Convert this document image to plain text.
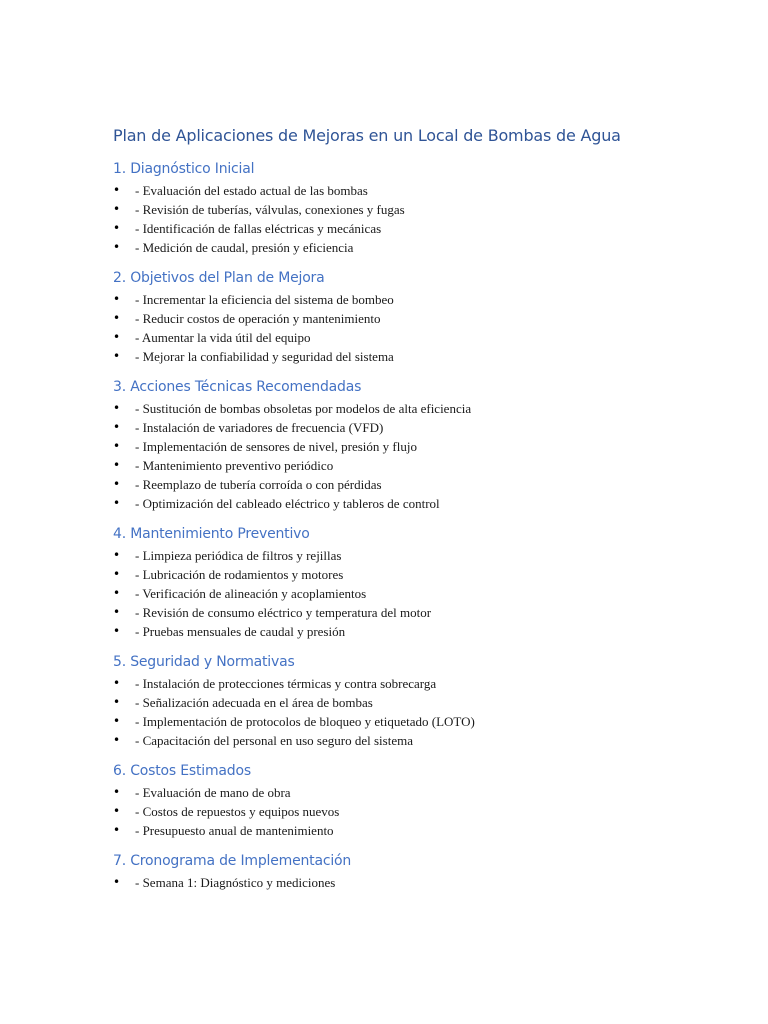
Plan de Aplicaciones de Mejoras en un Local de Bombas de Agua
1. Diagnóstico Inicial
• - Evaluación del estado actual de las bombas
• - Revisión de tuberías, válvulas, conexiones y fugas
• - Identificación de fallas eléctricas y mecánicas
• - Medición de caudal, presión y eficiencia
2. Objetivos del Plan de Mejora
• - Incrementar la eficiencia del sistema de bombeo
• - Reducir costos de operación y mantenimiento
• - Aumentar la vida útil del equipo
• - Mejorar la confiabilidad y seguridad del sistema
3. Acciones Técnicas Recomendadas
• - Sustitución de bombas obsoletas por modelos de alta eficiencia
• - Instalación de variadores de frecuencia (VFD)
• - Implementación de sensores de nivel, presión y flujo
• - Mantenimiento preventivo periódico
• - Reemplazo de tubería corroída o con pérdidas
• - Optimización del cableado eléctrico y tableros de control
4. Mantenimiento Preventivo
• - Limpieza periódica de filtros y rejillas
• - Lubricación de rodamientos y motores
• - Verificación de alineación y acoplamientos
• - Revisión de consumo eléctrico y temperatura del motor
• - Pruebas mensuales de caudal y presión
5. Seguridad y Normativas
• - Instalación de protecciones térmicas y contra sobrecarga
• - Señalización adecuada en el área de bombas
• - Implementación de protocolos de bloqueo y etiquetado (LOTO)
• - Capacitación del personal en uso seguro del sistema
6. Costos Estimados
• - Evaluación de mano de obra
• - Costos de repuestos y equipos nuevos
• - Presupuesto anual de mantenimiento
7. Cronograma de Implementación
• - Semana 1: Diagnóstico y mediciones
